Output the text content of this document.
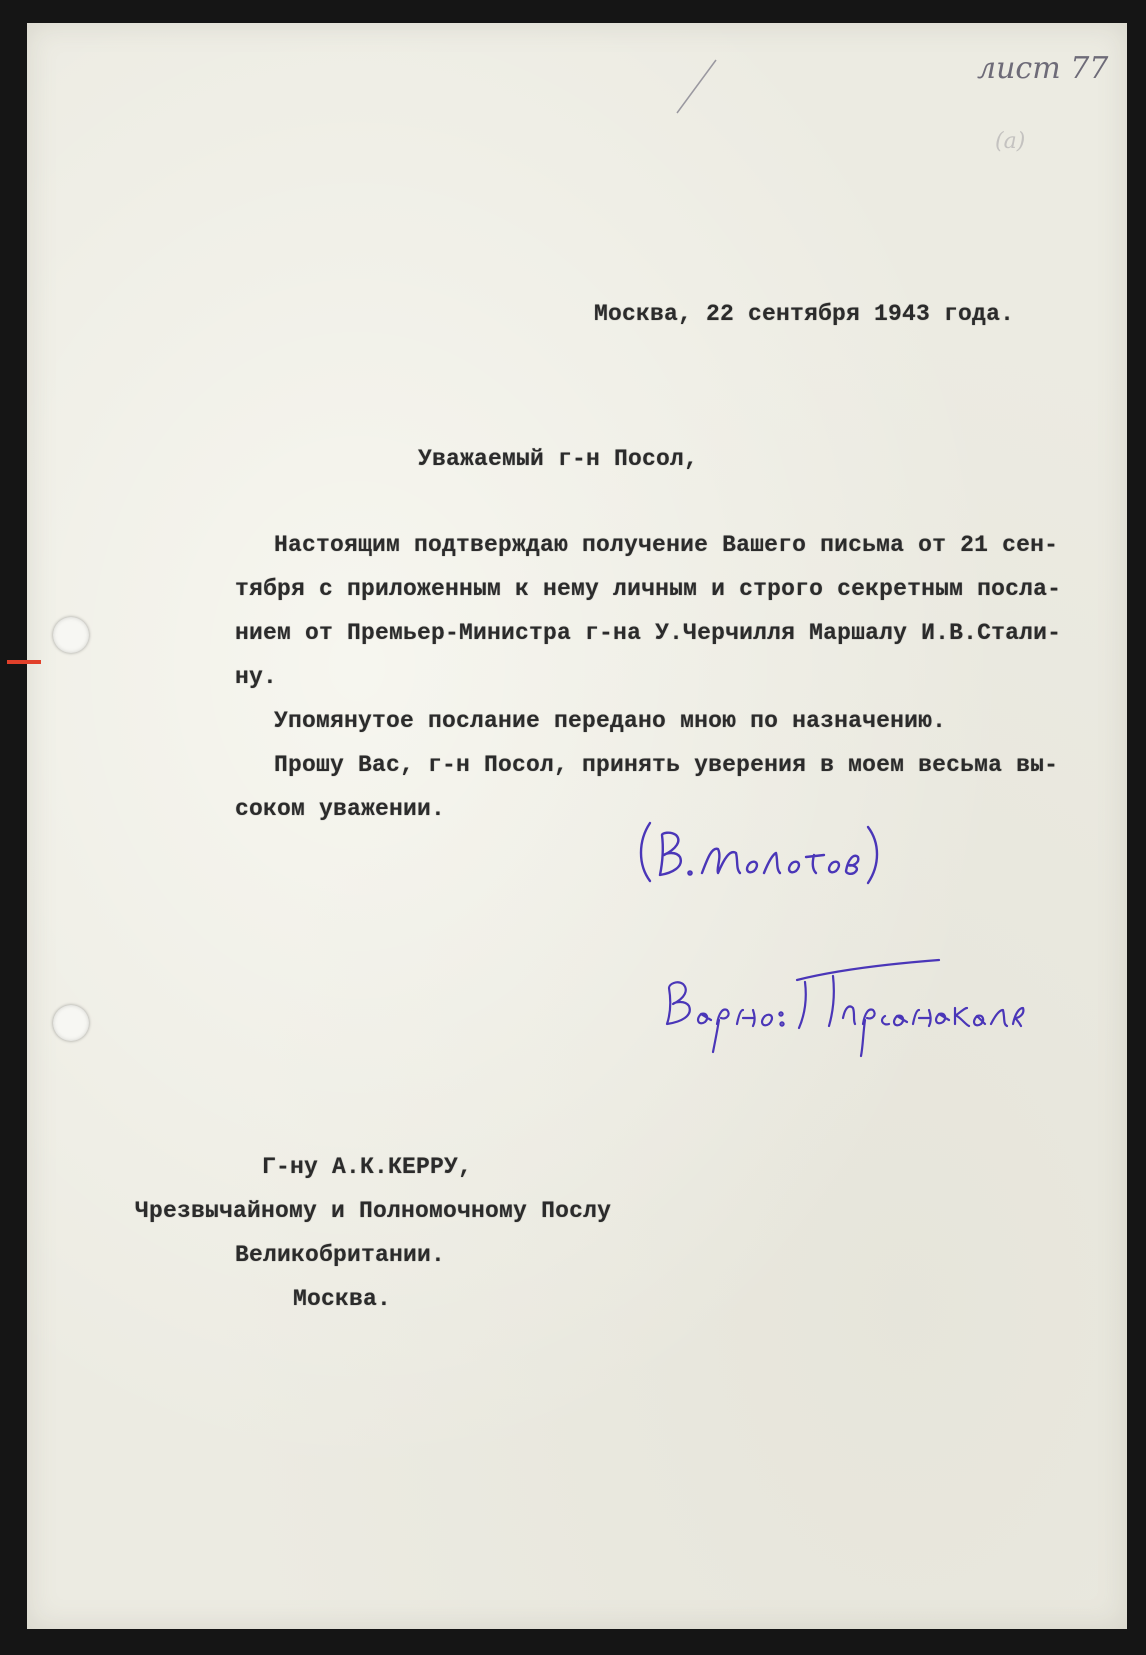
лист 77
(a)
Москва, 22 сентября 1943 года.
Уважаемый г-н Посол,
Настоящим подтверждаю получение Вашего письма от 21 сен-
тября с приложенным к нему личным и строго секретным посла-
нием от Премьер-Министра г-на У.Черчилля Маршалу И.В.Стали-
ну.
Упомянутое послание передано мною по назначению.
Прошу Вас, г-н Посол, принять уверения в моем весьма вы-
соком уважении.	(В.Молотов)
Верно: Пирпенская
Г-ну А.К.КЕРРУ,
Чрезвычайному и Полномочному Послу
Великобритании.
Москва.
